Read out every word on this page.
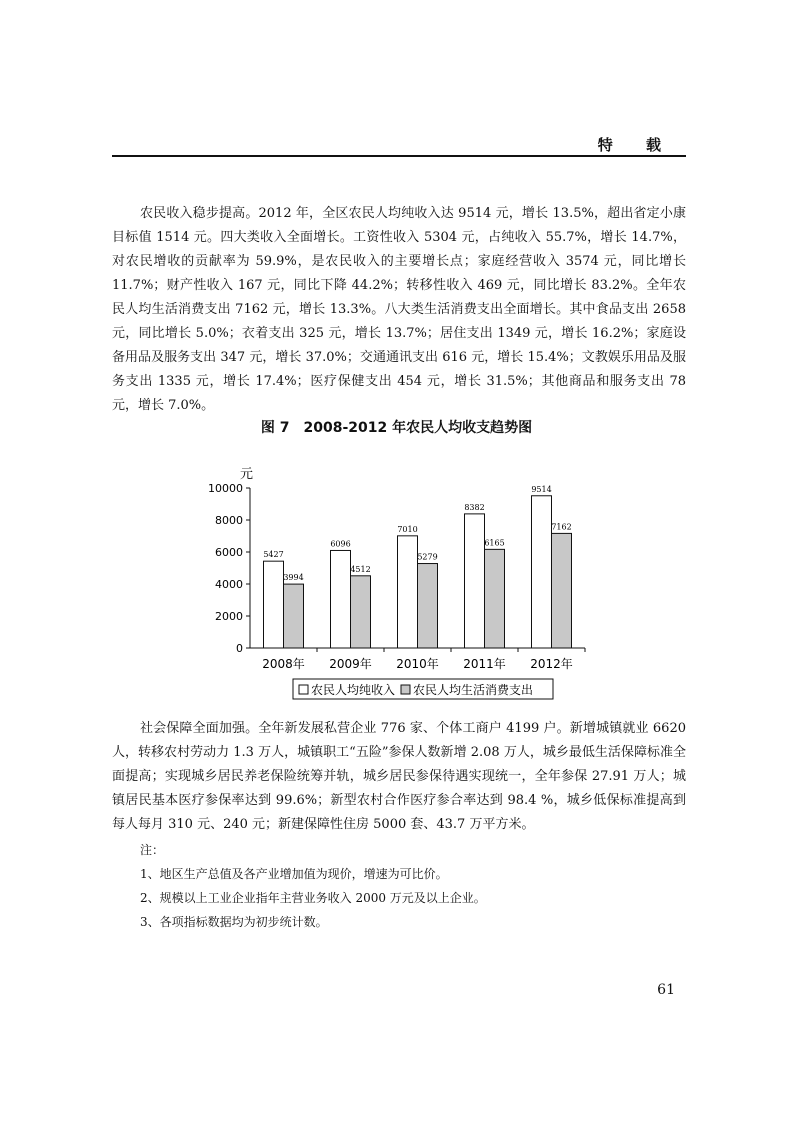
特 载

农民收入稳步提高。2012 年，全区农民人均纯收入达 9514 元，增长 13.5%，超出省定小康目标值 1514 元。四大类收入全面增长。工资性收入 5304 元，占纯收入 55.7%，增长 14.7%，对农民增收的贡献率为 59.9%，是农民收入的主要增长点；家庭经营收入 3574 元，同比增长 11.7%；财产性收入 167 元，同比下降 44.2%；转移性收入 469 元，同比增长 83.2%。全年农民人均生活消费支出 7162 元，增长 13.3%。八大类生活消费支出全面增长。其中食品支出 2658 元，同比增长 5.0%；衣着支出 325 元，增长 13.7%；居住支出 1349 元，增长 16.2%；家庭设备用品及服务支出 347 元，增长 37.0%；交通通讯支出 616 元，增长 15.4%；文教娱乐用品及服务支出 1335 元，增长 17.4%；医疗保健支出 454 元，增长 31.5%；其他商品和服务支出 78 元，增长 7.0%。

图 7　2008-2012 年农民人均收支趋势图
元
0
2000
4000
6000
8000
10000
5427
3994
2008年
6096
4512
2009年
7010
5279
2010年
8382
6165
2011年
9514
7162
2012年
农民人均纯收入 农民人均生活消费支出

社会保障全面加强。全年新发展私营企业 776 家、个体工商户 4199 户。新增城镇就业 6620 人，转移农村劳动力 1.3 万人，城镇职工“五险”参保人数新增 2.08 万人，城乡最低生活保障标准全面提高；实现城乡居民养老保险统筹并轨，城乡居民参保待遇实现统一，全年参保 27.91 万人；城镇居民基本医疗参保率达到 99.6%；新型农村合作医疗参合率达到 98.4 %，城乡低保标准提高到每人每月 310 元、240 元；新建保障性住房 5000 套、43.7 万平方米。

注：
1、地区生产总值及各产业增加值为现价，增速为可比价。
2、规模以上工业企业指年主营业务收入 2000 万元及以上企业。
3、各项指标数据均为初步统计数。
61
